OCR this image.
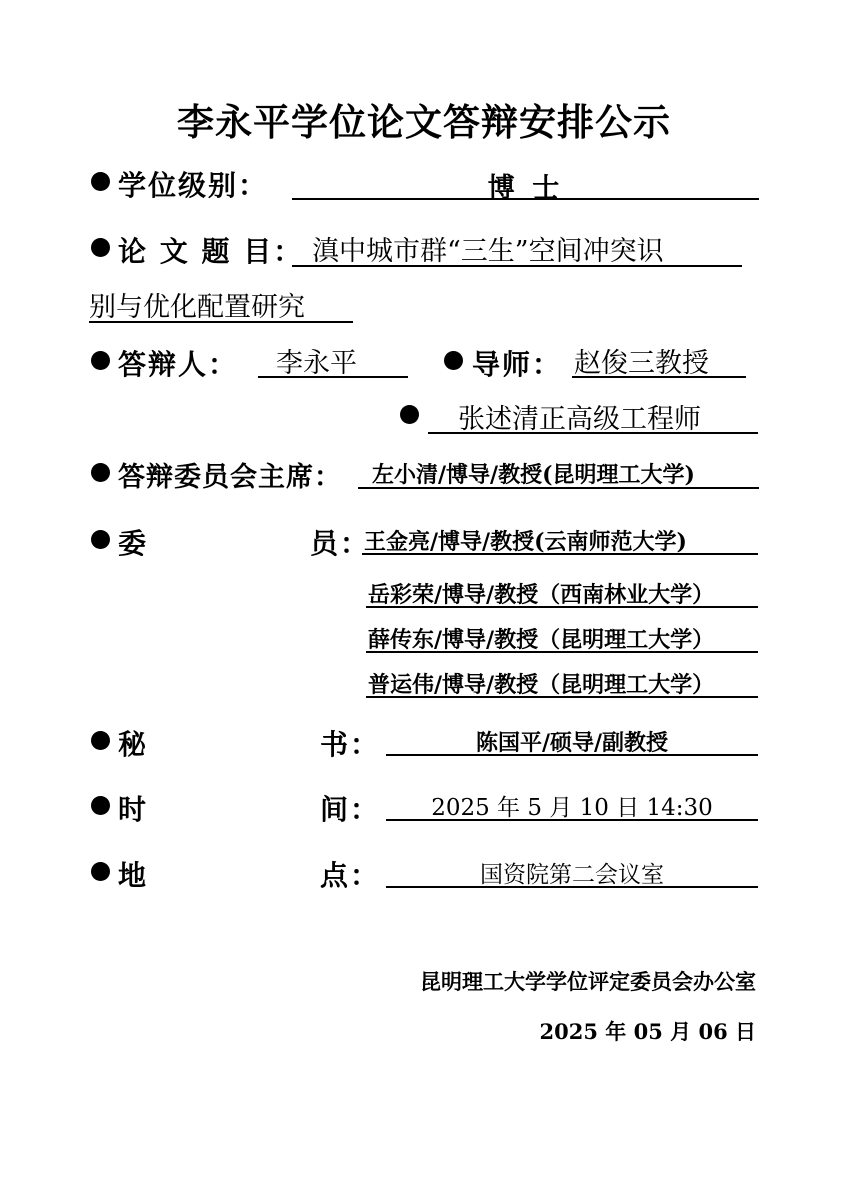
李永平学位论文答辩安排公示
学位级别：	博 士
论 文 题 目： 滇中城市群“三生”空间冲突识
别与优化配置研究
答辩人： 李永平	导师： 赵俊三教授
张述清正高级工程师
答辩委员会主席： 左小清/博导/教授(昆明理工大学)
委	员：
王金亮/博导/教授(云南师范大学)
岳彩荣/博导/教授（西南林业大学）
薛传东/博导/教授（昆明理工大学）
普运伟/博导/教授（昆明理工大学）
秘	书：	陈国平/硕导/副教授
时	间：	2025 年 5 月 10 日 14:30
地	点：	国资院第二会议室
昆明理工大学学位评定委员会办公室
2025 年 05 月 06 日
